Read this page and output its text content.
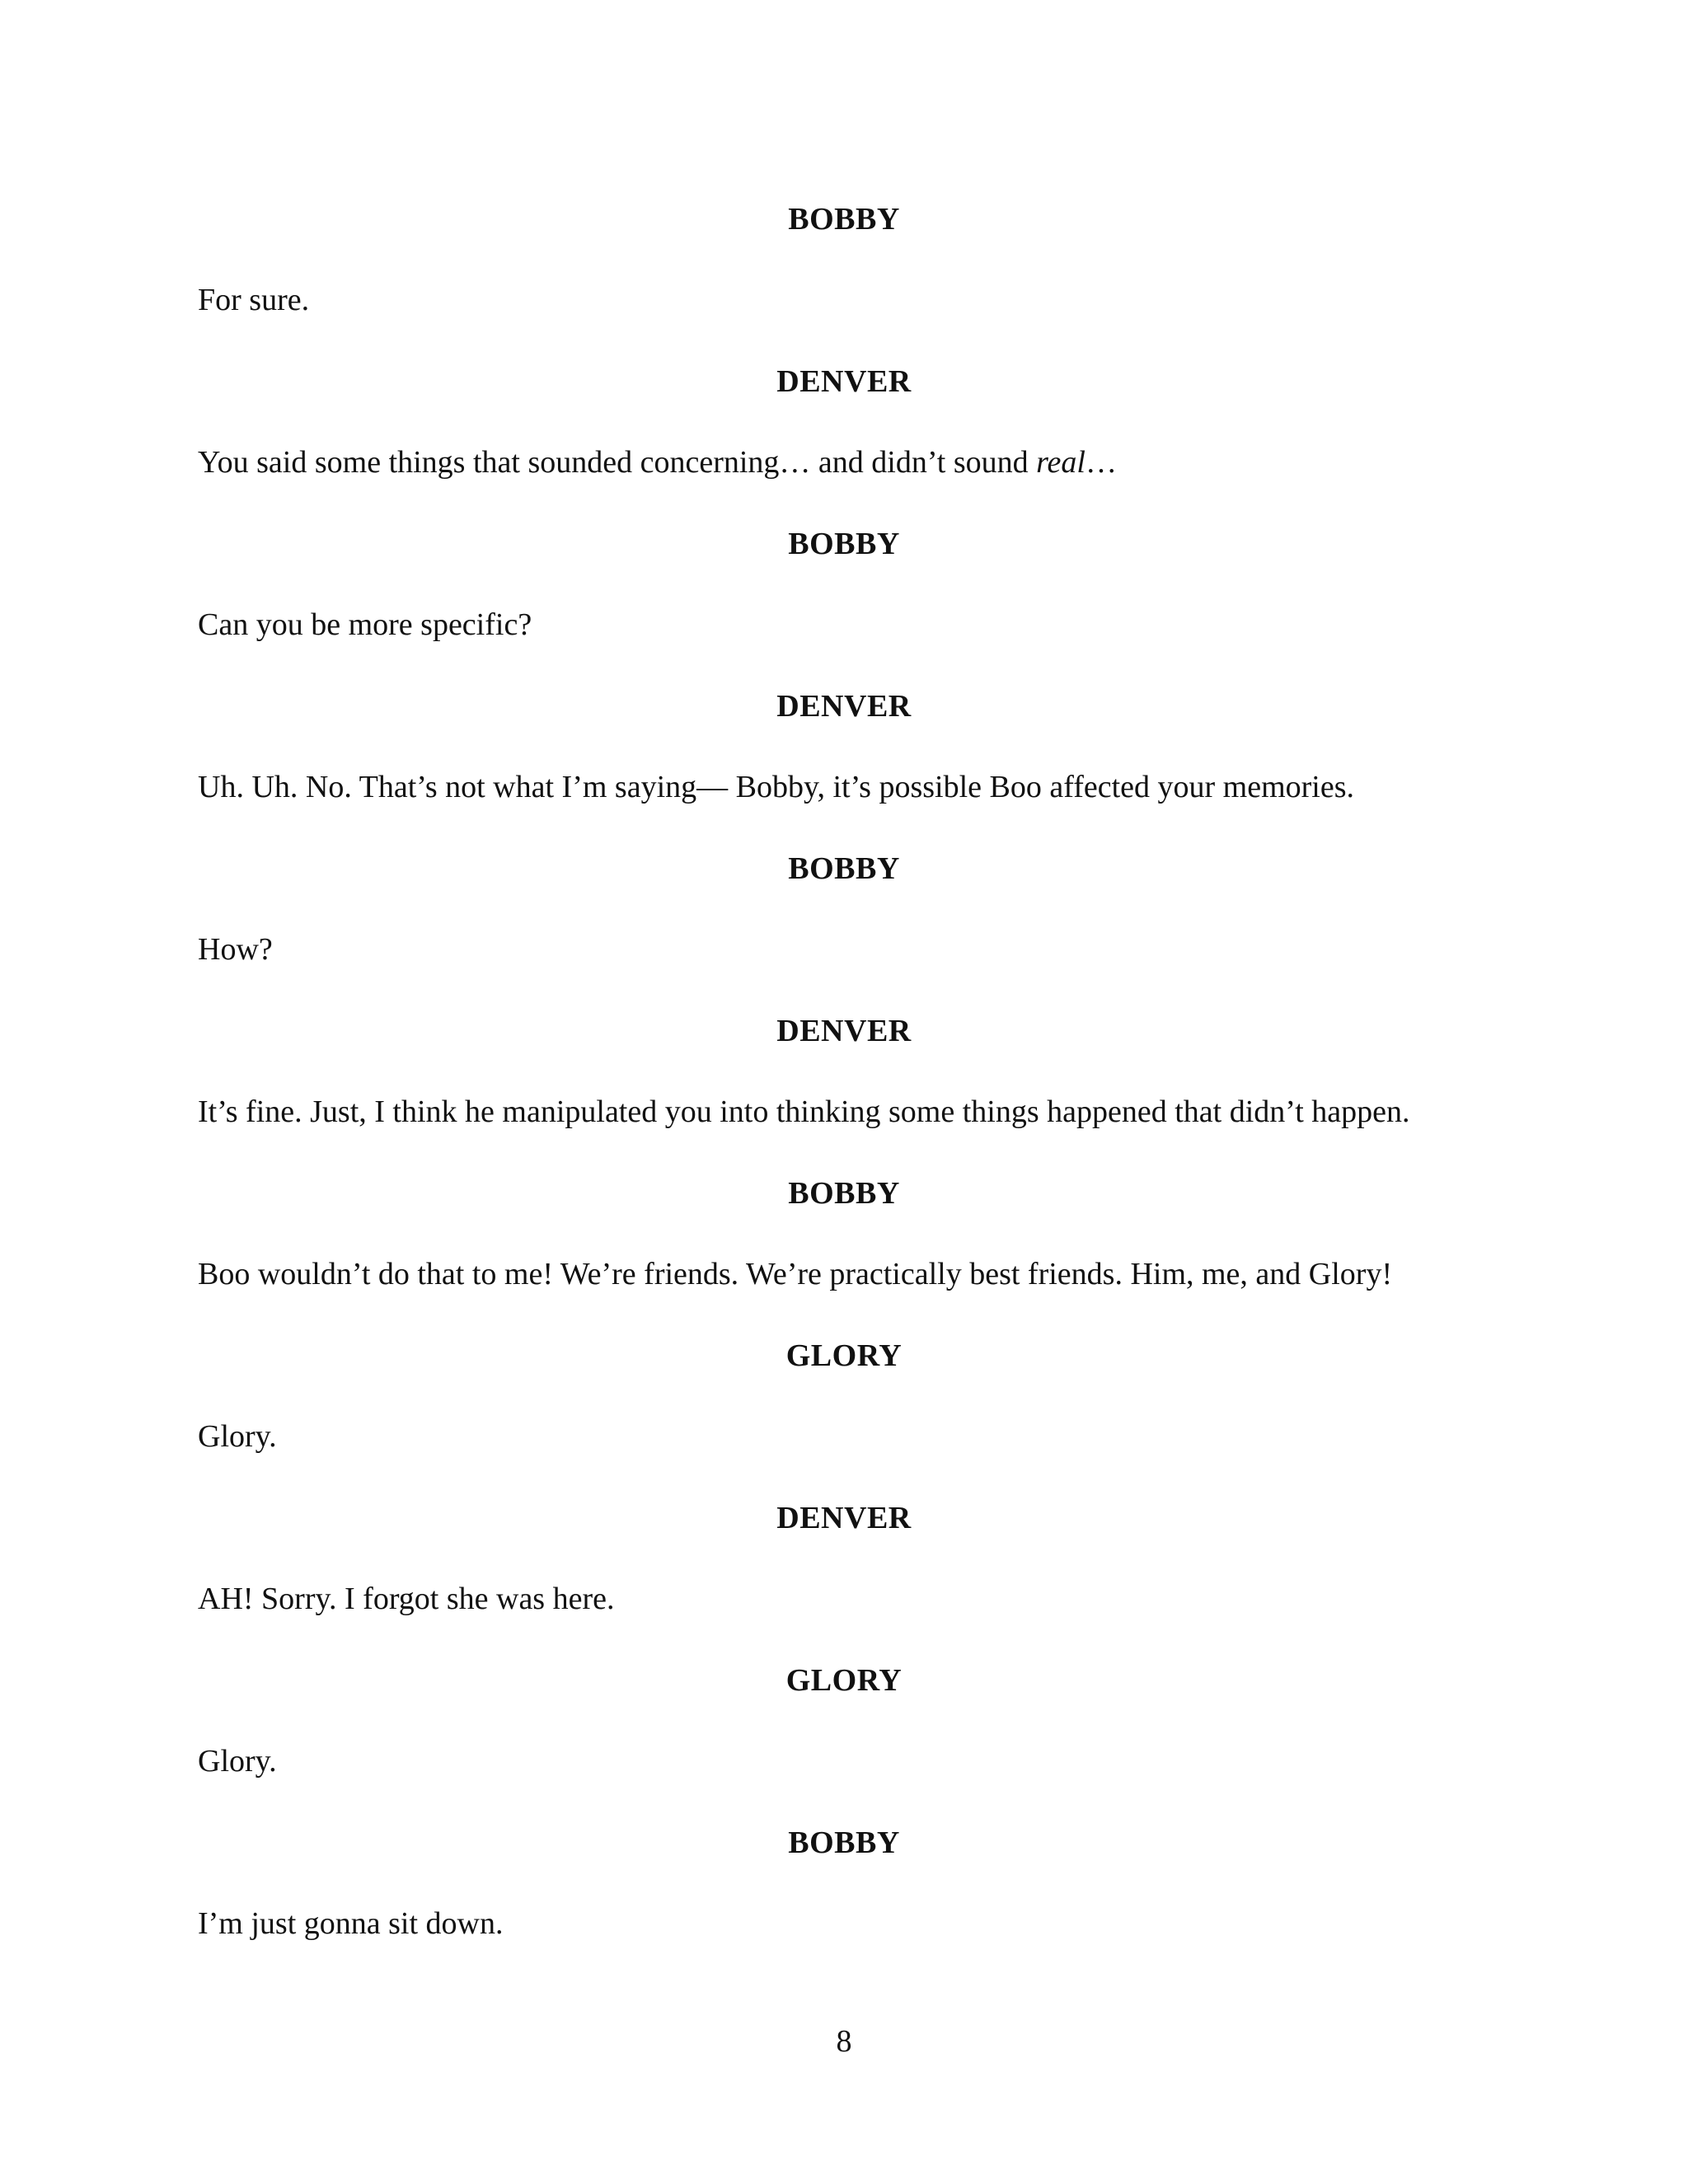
BOBBY
For sure.
DENVER
You said some things that sounded concerning… and didn’t sound real…
BOBBY
Can you be more specific?
DENVER
Uh. Uh. No. That’s not what I’m saying— Bobby, it’s possible Boo affected your memories.
BOBBY
How?
DENVER
It’s fine. Just, I think he manipulated you into thinking some things happened that didn’t happen.
BOBBY
Boo wouldn’t do that to me! We’re friends. We’re practically best friends. Him, me, and Glory!
GLORY
Glory.
DENVER
AH! Sorry. I forgot she was here.
GLORY
Glory.
BOBBY
I’m just gonna sit down.
8
